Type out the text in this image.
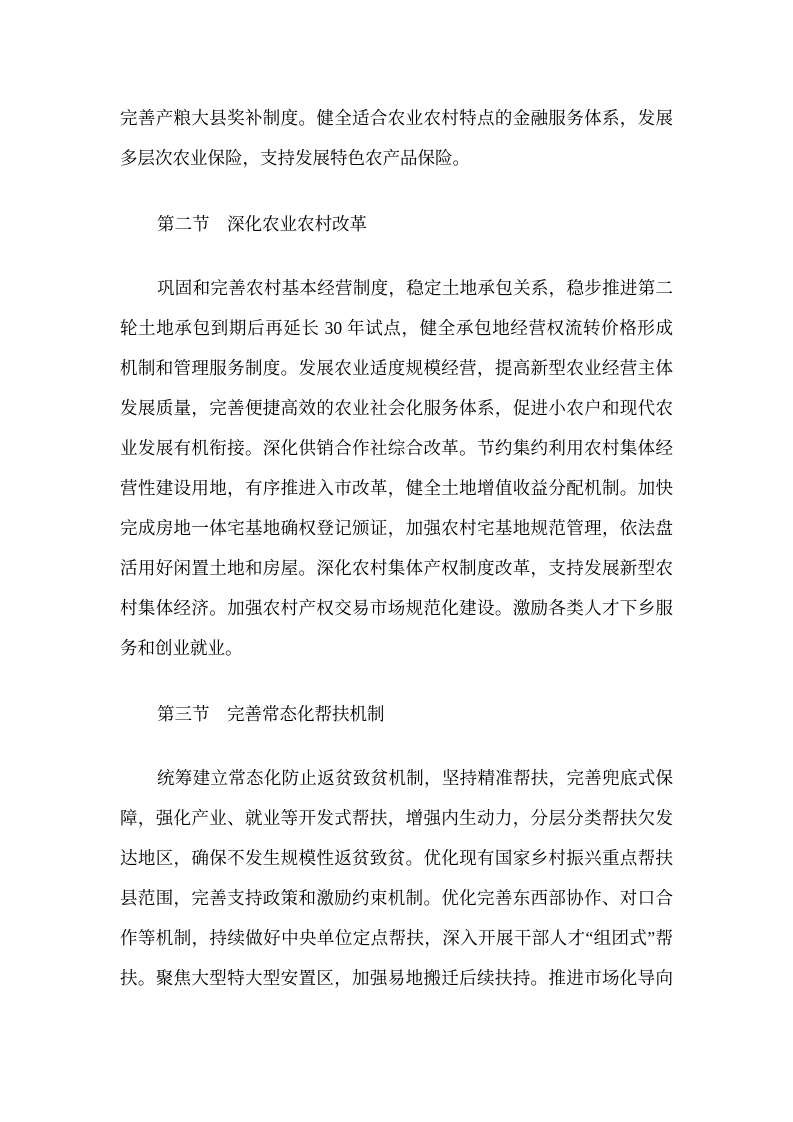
完善产粮大县奖补制度。健全适合农业农村特点的金融服务体系，发展
多层次农业保险，支持发展特色农产品保险。
第二节　深化农业农村改革
巩固和完善农村基本经营制度，稳定土地承包关系，稳步推进第二
轮土地承包到期后再延长 30 年试点，健全承包地经营权流转价格形成
机制和管理服务制度。发展农业适度规模经营，提高新型农业经营主体
发展质量，完善便捷高效的农业社会化服务体系，促进小农户和现代农
业发展有机衔接。深化供销合作社综合改革。节约集约利用农村集体经
营性建设用地，有序推进入市改革，健全土地增值收益分配机制。加快
完成房地一体宅基地确权登记颁证，加强农村宅基地规范管理，依法盘
活用好闲置土地和房屋。深化农村集体产权制度改革，支持发展新型农
村集体经济。加强农村产权交易市场规范化建设。激励各类人才下乡服
务和创业就业。
第三节　完善常态化帮扶机制
统筹建立常态化防止返贫致贫机制，坚持精准帮扶，完善兜底式保
障，强化产业、就业等开发式帮扶，增强内生动力，分层分类帮扶欠发
达地区，确保不发生规模性返贫致贫。优化现有国家乡村振兴重点帮扶
县范围，完善支持政策和激励约束机制。优化完善东西部协作、对口合
作等机制，持续做好中央单位定点帮扶，深入开展干部人才“组团式”帮
扶。聚焦大型特大型安置区，加强易地搬迁后续扶持。推进市场化导向
